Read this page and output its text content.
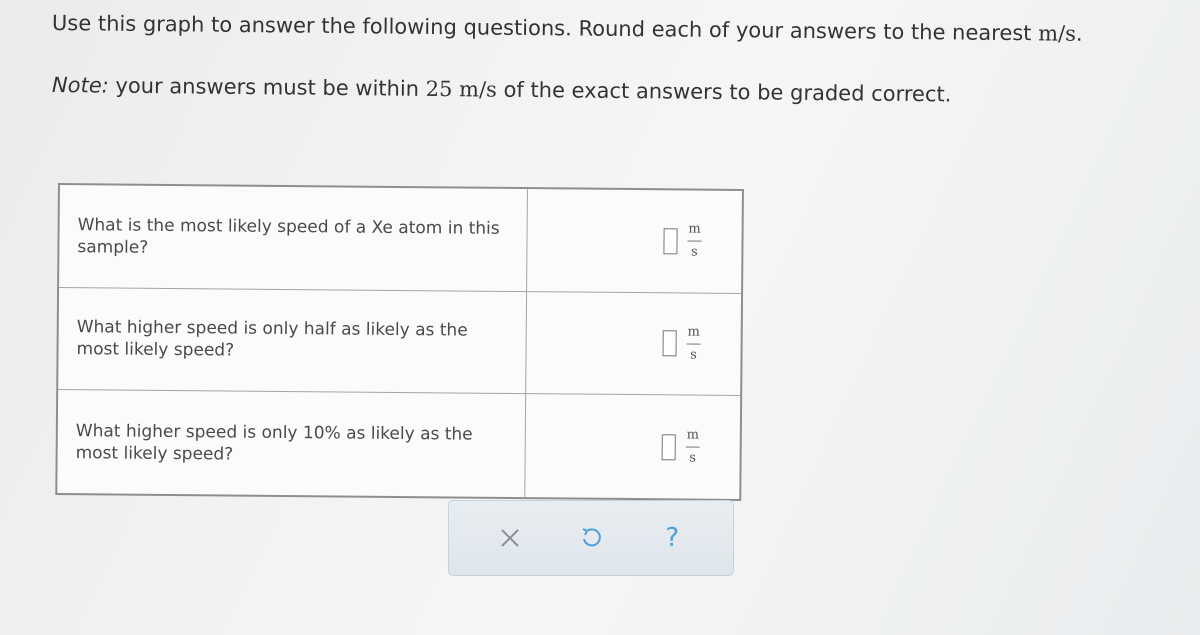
Use this graph to answer the following questions. Round each of your answers to the nearest m/s.
Note: your answers must be within 25 m/s of the exact answers to be graded correct.
What is the most likely speed of a Xe atom in this sample?
m
s
What higher speed is only half as likely as the most likely speed?
m
s
What higher speed is only 10% as likely as the most likely speed?
m
s
?
